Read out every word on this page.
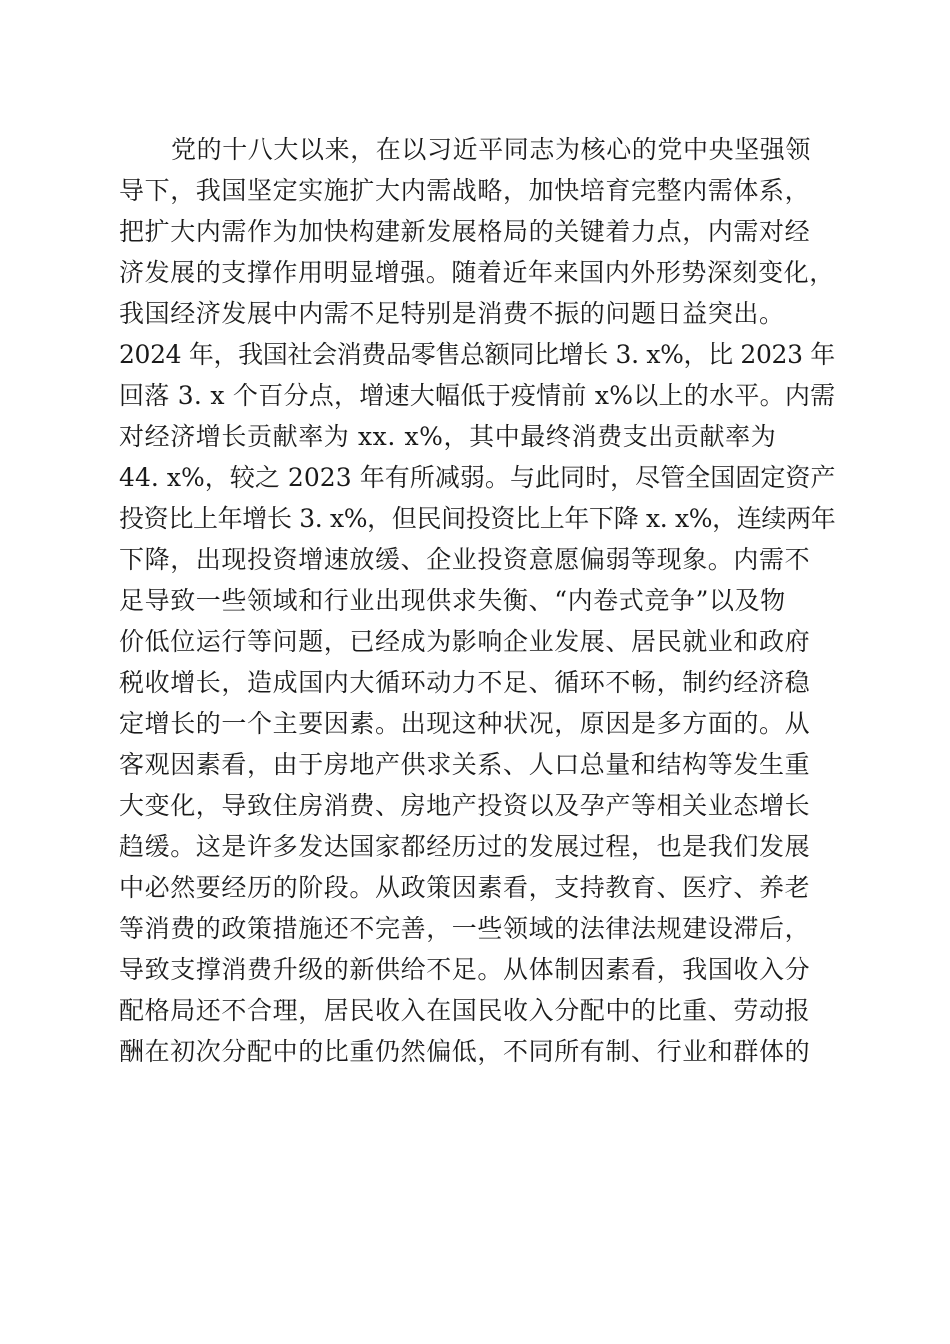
党的十八大以来，在以习近平同志为核心的党中央坚强领
导下，我国坚定实施扩大内需战略，加快培育完整内需体系，
把扩大内需作为加快构建新发展格局的关键着力点，内需对经
济发展的支撑作用明显增强。随着近年来国内外形势深刻变化，
我国经济发展中内需不足特别是消费不振的问题日益突出。
2024 年，我国社会消费品零售总额同比增长 3. x%，比 2023 年
回落 3. x 个百分点，增速大幅低于疫情前 x%以上的水平。内需
对经济增长贡献率为 xx. x%，其中最终消费支出贡献率为
44. x%，较之 2023 年有所减弱。与此同时，尽管全国固定资产
投资比上年增长 3. x%，但民间投资比上年下降 x. x%，连续两年
下降，出现投资增速放缓、企业投资意愿偏弱等现象。内需不
足导致一些领域和行业出现供求失衡、“内卷式竞争”以及物
价低位运行等问题，已经成为影响企业发展、居民就业和政府
税收增长，造成国内大循环动力不足、循环不畅，制约经济稳
定增长的一个主要因素。出现这种状况，原因是多方面的。从
客观因素看，由于房地产供求关系、人口总量和结构等发生重
大变化，导致住房消费、房地产投资以及孕产等相关业态增长
趋缓。这是许多发达国家都经历过的发展过程，也是我们发展
中必然要经历的阶段。从政策因素看，支持教育、医疗、养老
等消费的政策措施还不完善，一些领域的法律法规建设滞后，
导致支撑消费升级的新供给不足。从体制因素看，我国收入分
配格局还不合理，居民收入在国民收入分配中的比重、劳动报
酬在初次分配中的比重仍然偏低，不同所有制、行业和群体的
